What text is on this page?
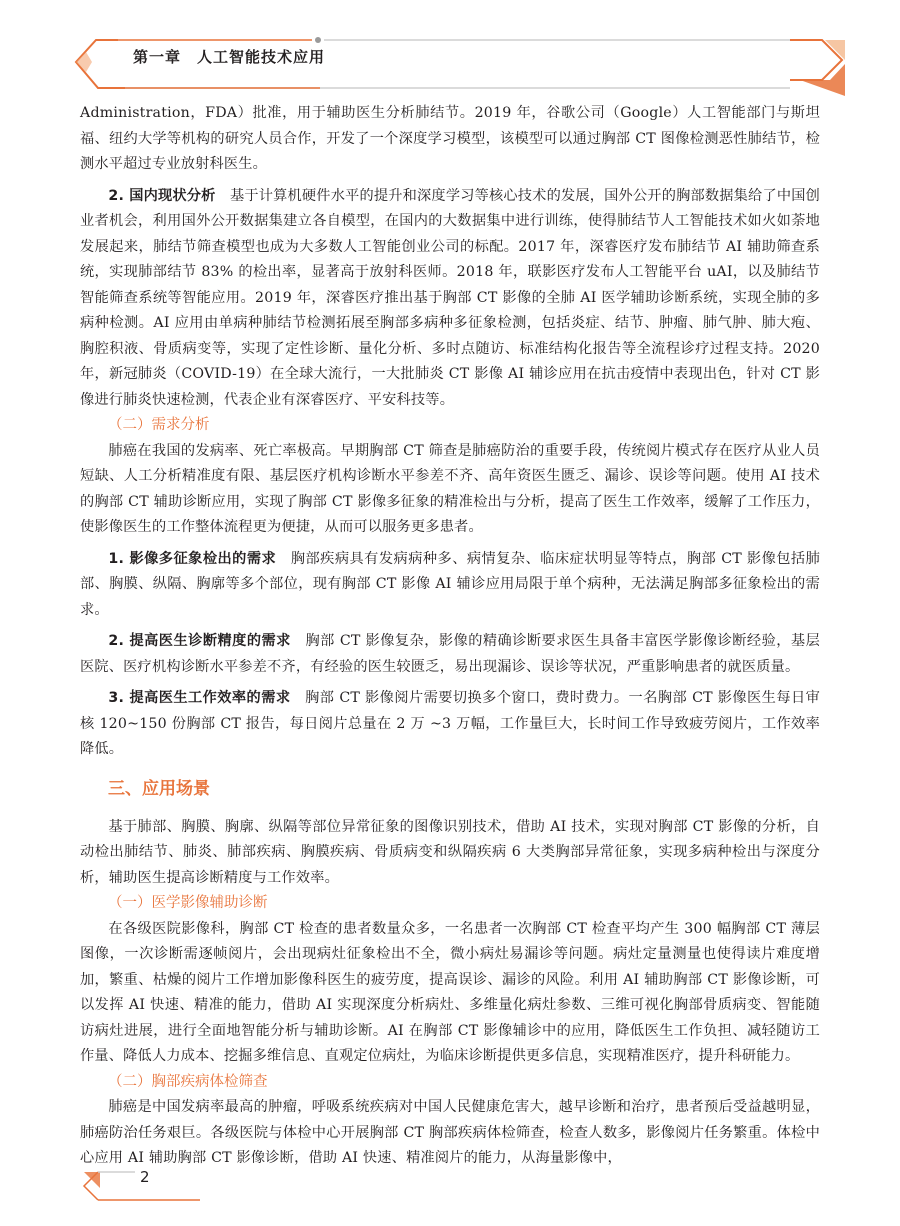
第一章　人工智能技术应用

Administration，FDA）批准，用于辅助医生分析肺结节。2019 年，谷歌公司（Google）人工智能部门与斯坦福、纽约大学等机构的研究人员合作，开发了一个深度学习模型，该模型可以通过胸部 CT 图像检测恶性肺结节，检测水平超过专业放射科医生。

2. 国内现状分析　 基于计算机硬件水平的提升和深度学习等核心技术的发展，国外公开的胸部数据集给了中国创业者机会，利用国外公开数据集建立各自模型，在国内的大数据集中进行训练，使得肺结节人工智能技术如火如荼地发展起来，肺结节筛查模型也成为大多数人工智能创业公司的标配。2017 年，深睿医疗发布肺结节 AI 辅助筛查系统，实现肺部结节 83% 的检出率，显著高于放射科医师。2018 年，联影医疗发布人工智能平台 uAI，以及肺结节智能筛查系统等智能应用。2019 年，深睿医疗推出基于胸部 CT 影像的全肺 AI 医学辅助诊断系统，实现全肺的多病种检测。AI 应用由单病种肺结节检测拓展至胸部多病种多征象检测，包括炎症、结节、肿瘤、肺气肿、肺大疱、胸腔积液、骨质病变等，实现了定性诊断、量化分析、多时点随访、标准结构化报告等全流程诊疗过程支持。2020 年，新冠肺炎（COVID-19）在全球大流行，一大批肺炎 CT 影像 AI 辅诊应用在抗击疫情中表现出色，针对 CT 影像进行肺炎快速检测，代表企业有深睿医疗、平安科技等。

（二）需求分析

肺癌在我国的发病率、死亡率极高。早期胸部 CT 筛查是肺癌防治的重要手段，传统阅片模式存在医疗从业人员短缺、人工分析精准度有限、基层医疗机构诊断水平参差不齐、高年资医生匮乏、漏诊、误诊等问题。使用 AI 技术的胸部 CT 辅助诊断应用，实现了胸部 CT 影像多征象的精准检出与分析，提高了医生工作效率，缓解了工作压力，使影像医生的工作整体流程更为便捷，从而可以服务更多患者。

1. 影像多征象检出的需求　 胸部疾病具有发病病种多、病情复杂、临床症状明显等特点，胸部 CT 影像包括肺部、胸膜、纵隔、胸廓等多个部位，现有胸部 CT 影像 AI 辅诊应用局限于单个病种，无法满足胸部多征象检出的需求。

2. 提高医生诊断精度的需求　 胸部 CT 影像复杂，影像的精确诊断要求医生具备丰富医学影像诊断经验，基层医院、医疗机构诊断水平参差不齐，有经验的医生较匮乏，易出现漏诊、误诊等状况，严重影响患者的就医质量。

3. 提高医生工作效率的需求　 胸部 CT 影像阅片需要切换多个窗口，费时费力。一名胸部 CT 影像医生每日审核 120~150 份胸部 CT 报告，每日阅片总量在 2 万 ~3 万幅，工作量巨大，长时间工作导致疲劳阅片，工作效率降低。

三、应用场景

基于肺部、胸膜、胸廓、纵隔等部位异常征象的图像识别技术，借助 AI 技术，实现对胸部 CT 影像的分析，自动检出肺结节、肺炎、肺部疾病、胸膜疾病、骨质病变和纵隔疾病 6 大类胸部异常征象，实现多病种检出与深度分析，辅助医生提高诊断精度与工作效率。

（一）医学影像辅助诊断

在各级医院影像科，胸部 CT 检查的患者数量众多，一名患者一次胸部 CT 检查平均产生 300 幅胸部 CT 薄层图像，一次诊断需逐帧阅片，会出现病灶征象检出不全，微小病灶易漏诊等问题。病灶定量测量也使得读片难度增加，繁重、枯燥的阅片工作增加影像科医生的疲劳度，提高误诊、漏诊的风险。利用 AI 辅助胸部 CT 影像诊断，可以发挥 AI 快速、精准的能力，借助 AI 实现深度分析病灶、多维量化病灶参数、三维可视化胸部骨质病变、智能随访病灶进展，进行全面地智能分析与辅助诊断。AI 在胸部 CT 影像辅诊中的应用，降低医生工作负担、减轻随访工作量、降低人力成本、挖掘多维信息、直观定位病灶，为临床诊断提供更多信息，实现精准医疗，提升科研能力。

（二）胸部疾病体检筛查

肺癌是中国发病率最高的肿瘤，呼吸系统疾病对中国人民健康危害大，越早诊断和治疗，患者预后受益越明显，肺癌防治任务艰巨。各级医院与体检中心开展胸部 CT 胸部疾病体检筛查，检查人数多，影像阅片任务繁重。体检中心应用 AI 辅助胸部 CT 影像诊断，借助 AI 快速、精准阅片的能力，从海量影像中，

2
